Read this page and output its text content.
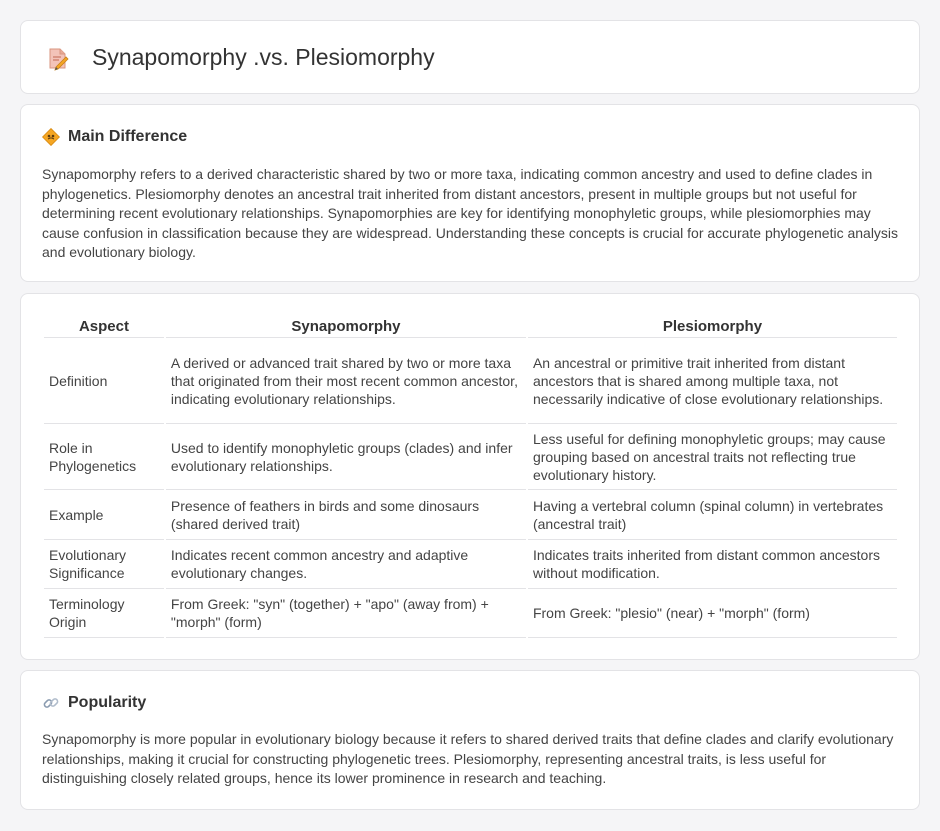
Synapomorphy .vs. Plesiomorphy
Main Difference

Synapomorphy refers to a derived characteristic shared by two or more taxa, indicating common ancestry and used to define clades in phylogenetics. Plesiomorphy denotes an ancestral trait inherited from distant ancestors, present in multiple groups but not useful for determining recent evolutionary relationships. Synapomorphies are key for identifying monophyletic groups, while plesiomorphies may cause confusion in classification because they are widespread. Understanding these concepts is crucial for accurate phylogenetic analysis and evolutionary biology.

Aspect	Synapomorphy	Plesiomorphy
Definition	A derived or advanced trait shared by two or more taxa that originated from their most recent common ancestor, indicating evolutionary relationships.	An ancestral or primitive trait inherited from distant ancestors that is shared among multiple taxa, not necessarily indicative of close evolutionary relationships.
Role in Phylogenetics	Used to identify monophyletic groups (clades) and infer evolutionary relationships.	Less useful for defining monophyletic groups; may cause grouping based on ancestral traits not reflecting true evolutionary history.
Example	Presence of feathers in birds and some dinosaurs (shared derived trait)	Having a vertebral column (spinal column) in vertebrates (ancestral trait)
Evolutionary Significance	Indicates recent common ancestry and adaptive evolutionary changes.	Indicates traits inherited from distant common ancestors without modification.
Terminology Origin	From Greek: "syn" (together) + "apo" (away from) + "morph" (form)	From Greek: "plesio" (near) + "morph" (form)
Popularity

Synapomorphy is more popular in evolutionary biology because it refers to shared derived traits that define clades and clarify evolutionary relationships, making it crucial for constructing phylogenetic trees. Plesiomorphy, representing ancestral traits, is less useful for distinguishing closely related groups, hence its lower prominence in research and teaching.
